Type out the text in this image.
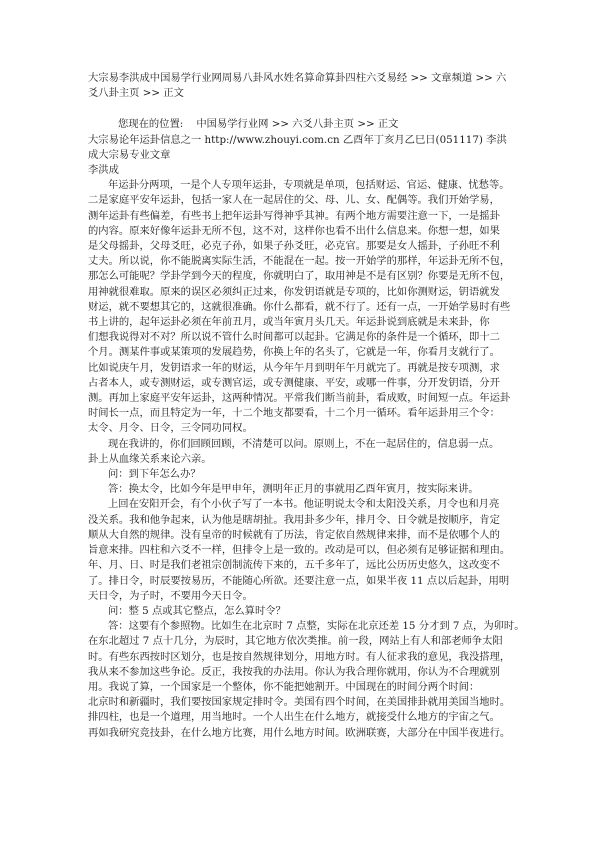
大宗易李洪成中国易学行业网周易八卦风水姓名算命算卦四柱六爻易经 >> 文章频道 >> 六
爻八卦主页 >> 正文
您现在的位置: 中国易学行业网 >> 六爻八卦主页 >> 正文
大宗易论年运卦信息之一 http://www.zhouyi.com.cn 乙酉年丁亥月乙巳日(051117) 李洪
成大宗易专业文章
李洪成
年运卦分两项，一是个人专项年运卦，专项就是单项，包括财运、官运、健康、忧愁等。
二是家庭平安年运卦，包括一家人在一起居住的父、母、儿、女、配偶等。我们开始学易，
测年运卦有些偏差，有些书上把年运卦写得神乎其神。有两个地方需要注意一下，一是摇卦
的内容。原来好像年运卦无所不包，这不对，这样你也看不出什么信息来。你想一想，如果
是父母摇卦，父母爻旺，必克子孙，如果子孙爻旺，必克官。那要是女人摇卦，子孙旺不利
丈夫。所以说，你不能脱离实际生活，不能混在一起。按一开始学的那样，年运卦无所不包，
那怎么可能呢？学卦学到今天的程度，你就明白了，取用神是不是有区别？你要是无所不包，
用神就很难取。原来的误区必须纠正过来，你发钥语就是专项的，比如你测财运，钥语就发
财运，就不要想其它的，这就很准确。你什么都看，就不行了。还有一点，一开始学易时有些
书上讲的，起年运卦必须在年前丑月，或当年寅月头几天。年运卦说到底就是未来卦，你
们想我说得对不对？所以说不管什么时间都可以起卦。它满足你的条件是一个循环，即十二
个月。测某件事或某策项的发展趋势，你换上年的名头了，它就是一年，你看月支就行了。
比如说庚午月，发钥语求一年的财运，从今年午月到明年午月就完了。再就是按专项测，求
占者本人，或专测财运，或专测官运，或专测健康、平安，或哪一件事，分开发钥语，分开
测。再加上家庭平安年运卦，这两种情况。平常我们断当前卦，看成败，时间短一点。年运卦
时间长一点，而且特定为一年，十二个地支都要看，十二个月一循环。看年运卦用三个令：
太令、月令、日令，三令同功同权。
现在我讲的，你们回顾回顾，不清楚可以问。原则上，不在一起居住的，信息弱一点。
卦上从血缘关系来论六亲。
问：到下年怎么办？
答：换太令，比如今年是甲申年，测明年正月的事就用乙酉年寅月，按实际来讲。
上回在安阳开会，有个小伙子写了一本书。他证明说太令和太阳没关系，月令也和月亮
没关系。我和他争起来，认为他是瞎胡扯。我用卦多少年，排月令、日令就是按顺序，肯定
顺从大自然的规律。没有皇帝的时候就有了历法，肯定依自然规律来排，而不是依哪个人的
旨意来排。四柱和六爻不一样，但排令上是一致的。改动是可以，但必须有足够证据和理由。
年、月、日、时是我们老祖宗创制流传下来的，五千多年了，远比公历历史悠久，这改变不
了。排日令，时辰要按易历，不能随心所欲。还要注意一点，如果半夜 11 点以后起卦，用明
天日令，为子时，不要用今天日令。
问：整 5 点或其它整点，怎么算时令？
答：这要有个参照物。比如生在北京时 7 点整，实际在北京还差 15 分才到 7 点，为卯时。
在东北超过 7 点十几分，为辰时，其它地方依次类推。前一段，网站上有人和部老师争太阳
时。有些东西按时区划分，也是按自然规律划分，用地方时。有人征求我的意见，我没搭理，
我从来不参加这些争论。反正，我按我的办法用。你认为我合理你就用，你认为不合理就别
用。我说了算，一个国家是一个整体，你不能把她割开。中国现在的时间分两个时间：
北京时和新疆时，我们要按国家规定排时令。美国有四个时间，在美国排卦就用美国当地时。
排四柱，也是一个道理，用当地时。一个人出生在什么地方，就接受什么地方的宇宙之气。
再如我研究竞技卦，在什么地方比赛，用什么地方时间。欧洲联赛，大部分在中国半夜进行。
